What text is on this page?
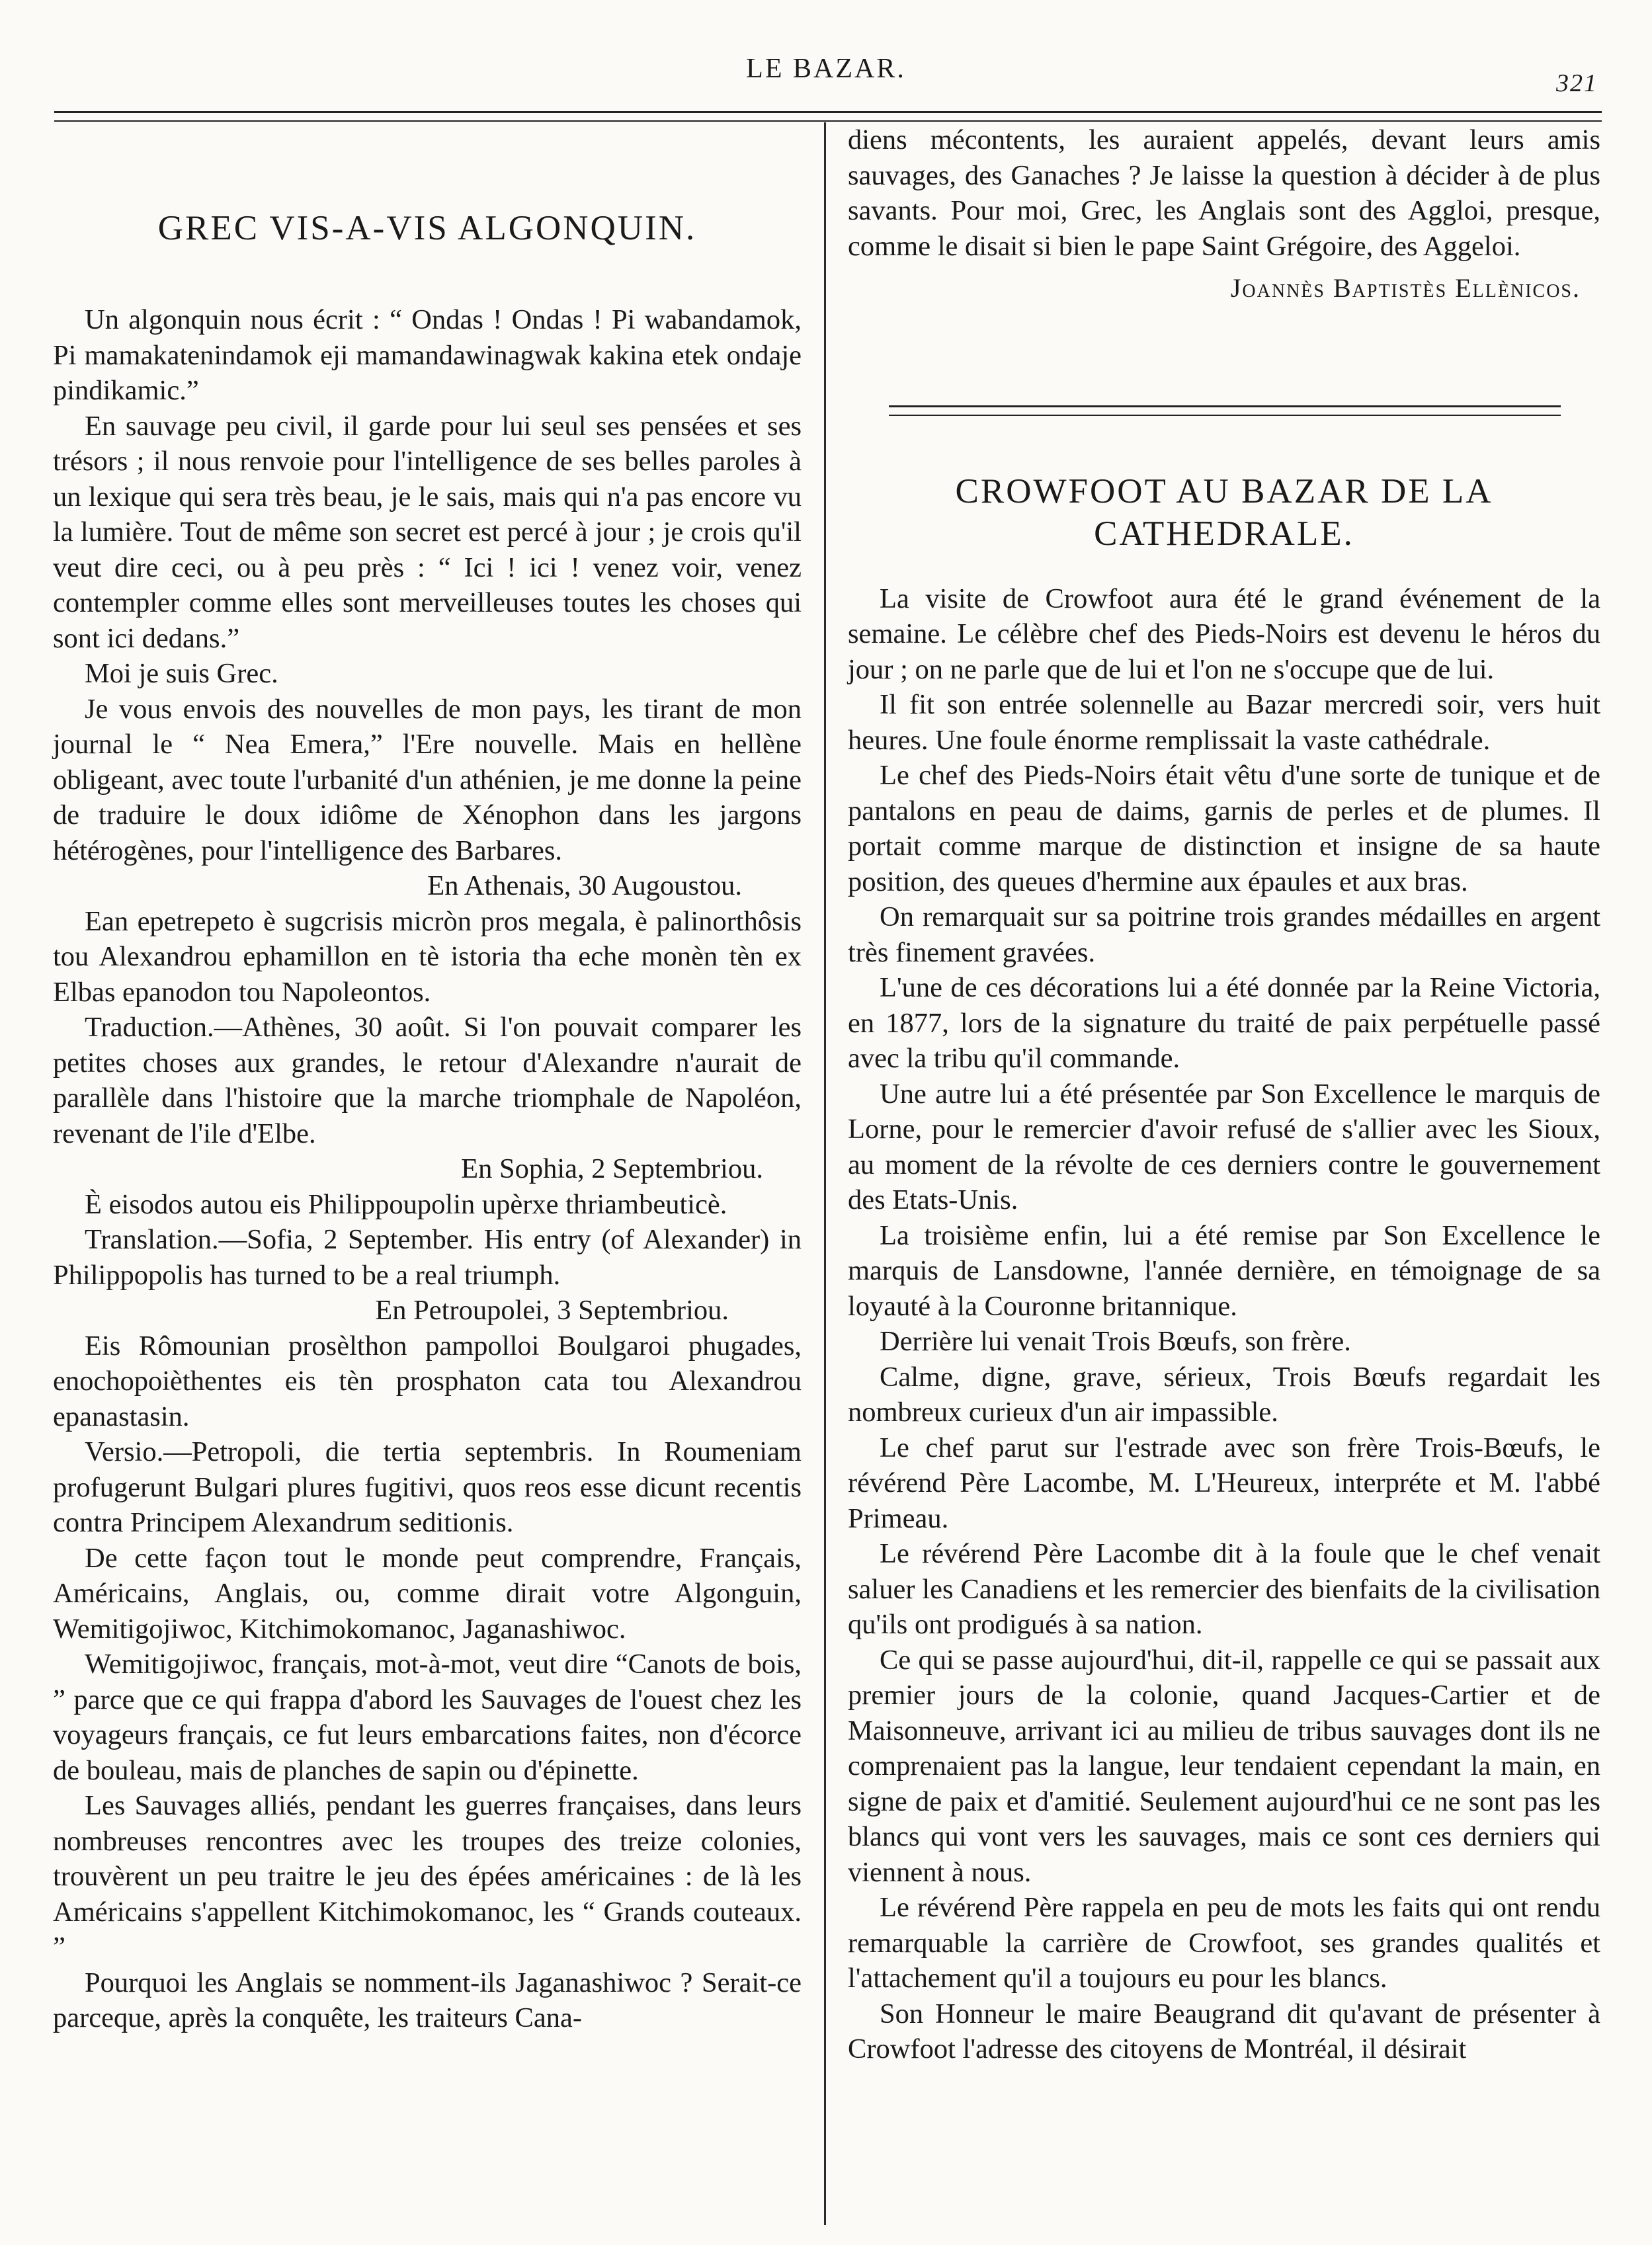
LE BAZAR.	321
GREC VIS-A-VIS ALGONQUIN.

Un algonquin nous écrit : “ Ondas ! Ondas ! Pi wabandamok, Pi mamakatenindamok eji mamandawinagwak kakina etek ondaje pindikamic.”

En sauvage peu civil, il garde pour lui seul ses pensées et ses trésors ; il nous renvoie pour l'intelligence de ses belles paroles à un lexique qui sera très beau, je le sais, mais qui n'a pas encore vu la lumière. Tout de même son secret est percé à jour ; je crois qu'il veut dire ceci, ou à peu près : “ Ici ! ici ! venez voir, venez contempler comme elles sont merveilleuses toutes les choses qui sont ici dedans.”

Moi je suis Grec.

Je vous envois des nouvelles de mon pays, les tirant de mon journal le “ Nea Emera,” l'Ere nouvelle. Mais en hellène obligeant, avec toute l'urbanité d'un athénien, je me donne la peine de traduire le doux idiôme de Xénophon dans les jargons hétérogènes, pour l'intelligence des Barbares.

En Athenais, 30 Augoustou.

Ean epetrepeto è sugcrisis micròn pros megala, è palinorthôsis tou Alexandrou ephamillon en tè istoria tha eche monèn tèn ex Elbas epanodon tou Napoleontos.

Traduction.—Athènes, 30 août. Si l'on pouvait comparer les petites choses aux grandes, le retour d'Alexandre n'aurait de parallèle dans l'histoire que la marche triomphale de Napoléon, revenant de l'ile d'Elbe.

En Sophia, 2 Septembriou.

È eisodos autou eis Philippoupolin upèrxe thriambeuticè.

Translation.—Sofia, 2 September. His entry (of Alexander) in Philippopolis has turned to be a real triumph.

En Petroupolei, 3 Septembriou.

Eis Rômounian prosèlthon pampolloi Boulgaroi phugades, enochopoièthentes eis tèn prosphaton cata tou Alexandrou epanastasin.

Versio.—Petropoli, die tertia septembris. In Roumeniam profugerunt Bulgari plures fugitivi, quos reos esse dicunt recentis contra Principem Alexandrum seditionis.

De cette façon tout le monde peut comprendre, Français, Américains, Anglais, ou, comme dirait votre Algonguin, Wemitigojiwoc, Kitchimokomanoc, Jaganashiwoc.

Wemitigojiwoc, français, mot-à-mot, veut dire “Canots de bois, ” parce que ce qui frappa d'abord les Sauvages de l'ouest chez les voyageurs français, ce fut leurs embarcations faites, non d'écorce de bouleau, mais de planches de sapin ou d'épinette.

Les Sauvages alliés, pendant les guerres françaises, dans leurs nombreuses rencontres avec les troupes des treize colonies, trouvèrent un peu traitre le jeu des épées américaines : de là les Américains s'appellent Kitchimokomanoc, les “ Grands couteaux. ”

Pourquoi les Anglais se nomment-ils Jaganashiwoc ? Serait-ce parceque, après la conquête, les traiteurs Cana-

diens mécontents, les auraient appelés, devant leurs amis sauvages, des Ganaches ? Je laisse la question à décider à de plus savants. Pour moi, Grec, les Anglais sont des Aggloi, presque, comme le disait si bien le pape Saint Grégoire, des Aggeloi.

Joannès Baptistès Ellènicos.
CROWFOOT AU BAZAR DE LA CATHEDRALE.

La visite de Crowfoot aura été le grand événement de la semaine. Le célèbre chef des Pieds-Noirs est devenu le héros du jour ; on ne parle que de lui et l'on ne s'occupe que de lui.

Il fit son entrée solennelle au Bazar mercredi soir, vers huit heures. Une foule énorme remplissait la vaste cathédrale.

Le chef des Pieds-Noirs était vêtu d'une sorte de tunique et de pantalons en peau de daims, garnis de perles et de plumes. Il portait comme marque de distinction et insigne de sa haute position, des queues d'hermine aux épaules et aux bras.

On remarquait sur sa poitrine trois grandes médailles en argent très finement gravées.

L'une de ces décorations lui a été donnée par la Reine Victoria, en 1877, lors de la signature du traité de paix perpétuelle passé avec la tribu qu'il commande.

Une autre lui a été présentée par Son Excellence le marquis de Lorne, pour le remercier d'avoir refusé de s'allier avec les Sioux, au moment de la révolte de ces derniers contre le gouvernement des Etats-Unis.

La troisième enfin, lui a été remise par Son Excellence le marquis de Lansdowne, l'année dernière, en témoignage de sa loyauté à la Couronne britannique.

Derrière lui venait Trois Bœufs, son frère.

Calme, digne, grave, sérieux, Trois Bœufs regardait les nombreux curieux d'un air impassible.

Le chef parut sur l'estrade avec son frère Trois-Bœufs, le révérend Père Lacombe, M. L'Heureux, interpréte et M. l'abbé Primeau.

Le révérend Père Lacombe dit à la foule que le chef venait saluer les Canadiens et les remercier des bienfaits de la civilisation qu'ils ont prodigués à sa nation.

Ce qui se passe aujourd'hui, dit-il, rappelle ce qui se passait aux premier jours de la colonie, quand Jacques-Cartier et de Maisonneuve, arrivant ici au milieu de tribus sauvages dont ils ne comprenaient pas la langue, leur tendaient cependant la main, en signe de paix et d'amitié. Seulement aujourd'hui ce ne sont pas les blancs qui vont vers les sauvages, mais ce sont ces derniers qui viennent à nous.

Le révérend Père rappela en peu de mots les faits qui ont rendu remarquable la carrière de Crowfoot, ses grandes qualités et l'attachement qu'il a toujours eu pour les blancs.

Son Honneur le maire Beaugrand dit qu'avant de présenter à Crowfoot l'adresse des citoyens de Montréal, il désirait
